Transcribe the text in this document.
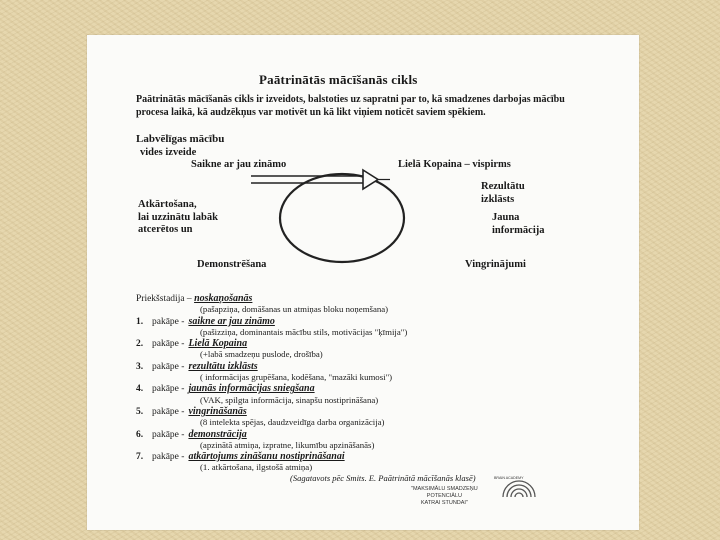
Paātrinātās mācīšanās cikls
Paātrinātās mācīšanās cikls ir izveidots, balstoties uz sapratni par to, kā smadzenes darbojas mācību procesa laikā, kā audzēkņus var motivēt un kā likt viņiem noticēt saviem spēkiem.
Labvēlīgas mācību
vides izveide
Saikne ar jau zināmo	Lielā Kopaina – vispirms
Rezultātu
izklāsts
Atkārtošana,
lai uzzinātu labāk
atcerētos un
Jauna
informācija
Demonstrēšana	Vingrinājumi
Priekšstadija – noskaņošanās
(pašapziņa, domāšanas un atmiņas bloku noņemšana)
1. pakāpe - saikne ar jau zināmo
(pašizziņa, dominantais mācību stils, motivācijas "ķīmija")
2. pakāpe - Lielā Kopaina
(+labā smadzeņu puslode, drošība)
3. pakāpe - rezultātu izklāsts
( informācijas grupēšana, kodēšana, "mazāki kumosi")
4. pakāpe - jaunās informācijas sniegšana
(VAK, spilgta informācija, sinapšu nostiprināšana)
5. pakāpe - vingrināšanās
(8 intelekta spējas, daudzveidīga darba organizācija)
6. pakāpe - demonstrācija
(apzinātā atmiņa, izpratne, likumību apzināšanās)
7. pakāpe - atkārtojums zināšanu nostiprināšanai
(1. atkārtošana, ilgstošā atmiņa)
(Sagatavots pēc Smits. E. Paātrinātā mācīšanās klasē)
"MAKSIMĀLU SMADZEŅU
POTENCIĀLU
KATRAI STUNDAI"
BRAIN ACADEMY
